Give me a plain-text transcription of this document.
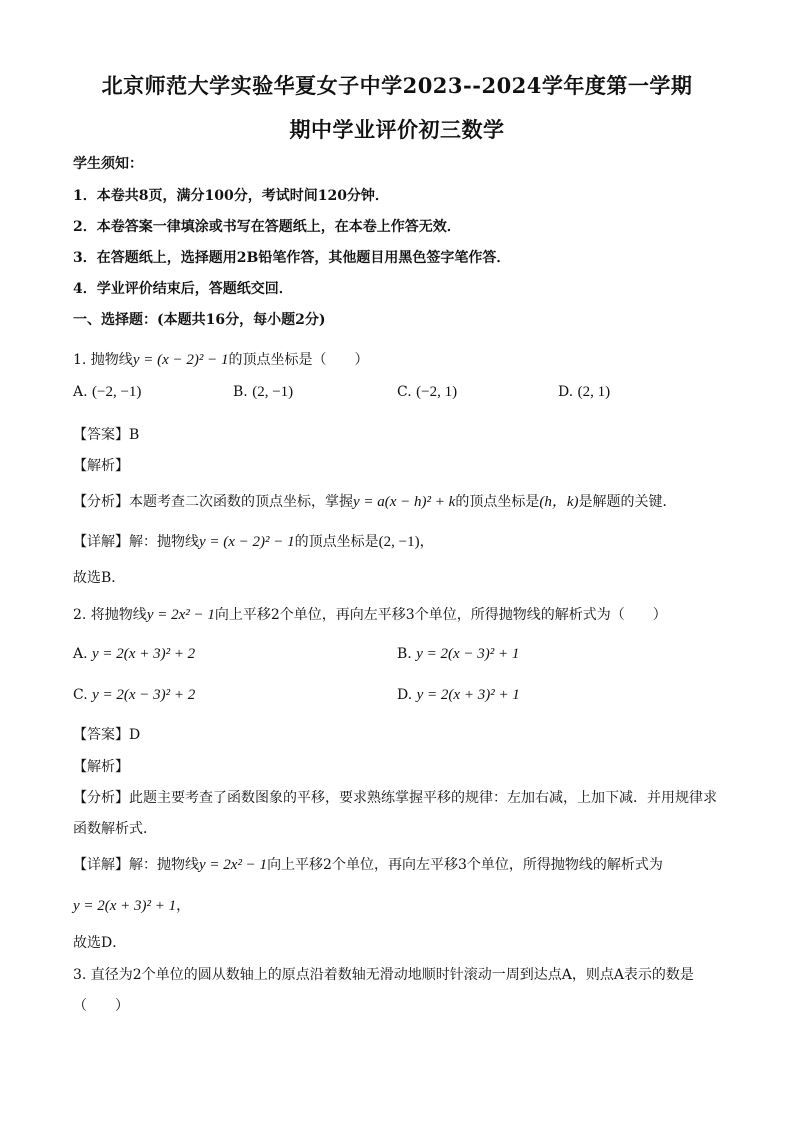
北京师范大学实验华夏女子中学2023--2024学年度第一学期
期中学业评价初三数学
学生须知：
1．本卷共8页，满分100分，考试时间120分钟．
2．本卷答案一律填涂或书写在答题纸上，在本卷上作答无效．
3．在答题纸上，选择题用2B铅笔作答，其他题目用黑色签字笔作答．
4．学业评价结束后，答题纸交回．
一、选择题：(本题共16分，每小题2分)
1. 抛物线y = (x − 2)² − 1的顶点坐标是（　　）
A. (−2, −1)	B. (2, −1)	C. (−2, 1)	D. (2, 1)
【答案】B
【解析】
【分析】本题考查二次函数的顶点坐标，掌握y = a(x − h)² + k的顶点坐标是(h，k)是解题的关键．
【详解】解：抛物线y = (x − 2)² − 1的顶点坐标是(2, −1)，
故选B．
2. 将抛物线y = 2x² − 1向上平移2个单位，再向左平移3个单位，所得抛物线的解析式为（　　）
A. y = 2(x + 3)² + 2	B. y = 2(x − 3)² + 1
C. y = 2(x − 3)² + 2	D. y = 2(x + 3)² + 1
【答案】D
【解析】
【分析】此题主要考查了函数图象的平移，要求熟练掌握平移的规律：左加右减，上加下减．并用规律求
函数解析式．
【详解】解：抛物线y = 2x² − 1向上平移2个单位，再向左平移3个单位，所得抛物线的解析式为
y = 2(x + 3)² + 1，
故选D．
3. 直径为2个单位的圆从数轴上的原点沿着数轴无滑动地顺时针滚动一周到达点A，则点A表示的数是
（　　）
